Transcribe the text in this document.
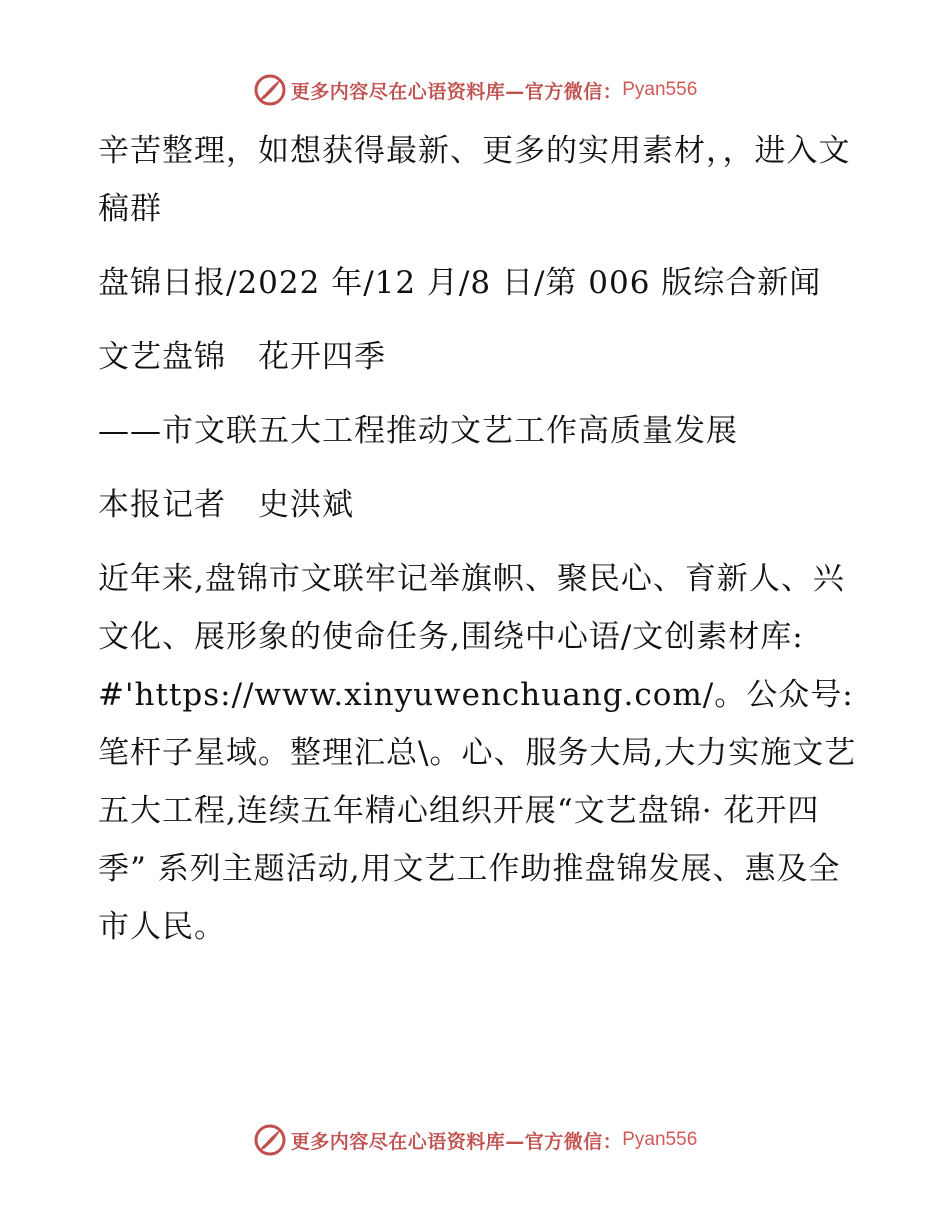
更多内容尽在心语资料库—官方微信： Pyan556

辛苦整理，如想获得最新、更多的实用素材，，进入文稿群

盘锦日报/2022 年/12 月/8 日/第 006 版综合新闻

文艺盘锦　花开四季

——市文联五大工程推动文艺工作高质量发展

本报记者　史洪斌

近年来,盘锦市文联牢记举旗帜、聚民心、育新人、兴文化、展形象的使命任务,围绕中心语/文创素材库: #'https://www.xinyuwenchuang.com/。公众号: 笔杆子星域。整理汇总\。心、服务大局,大力实施文艺五大工程,连续五年精心组织开展“文艺盘锦· 花开四季” 系列主题活动,用文艺工作助推盘锦发展、惠及全市人民。

更多内容尽在心语资料库—官方微信： Pyan556
